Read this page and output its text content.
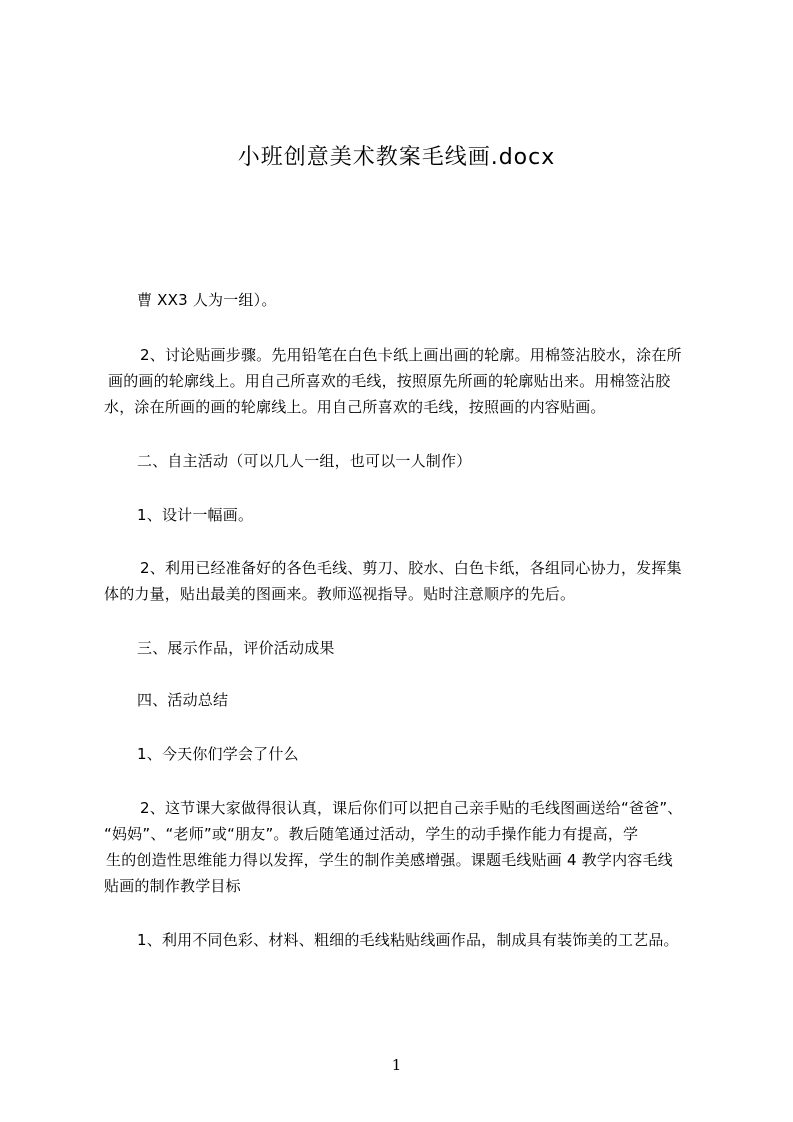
小班创意美术教案毛线画.docx
曹 XX3 人为一组）。
2、讨论贴画步骤。先用铅笔在白色卡纸上画出画的轮廓。用棉签沾胶水，涂在所
画的画的轮廓线上。用自己所喜欢的毛线，按照原先所画的轮廓贴出来。用棉签沾胶
水，涂在所画的画的轮廓线上。用自己所喜欢的毛线，按照画的内容贴画。
二、自主活动（可以几人一组，也可以一人制作）
1、设计一幅画。
2、利用已经准备好的各色毛线、剪刀、胶水、白色卡纸，各组同心协力，发挥集
体的力量，贴出最美的图画来。教师巡视指导。贴时注意顺序的先后。
三、展示作品，评价活动成果
四、活动总结
1、今天你们学会了什么
2、这节课大家做得很认真，课后你们可以把自己亲手贴的毛线图画送给“爸爸”、
“妈妈”、“老师”或“朋友”。教后随笔通过活动，学生的动手操作能力有提高，学
生的创造性思维能力得以发挥，学生的制作美感增强。课题毛线贴画 4 教学内容毛线
贴画的制作教学目标
1、利用不同色彩、材料、粗细的毛线粘贴线画作品，制成具有装饰美的工艺品。
1
